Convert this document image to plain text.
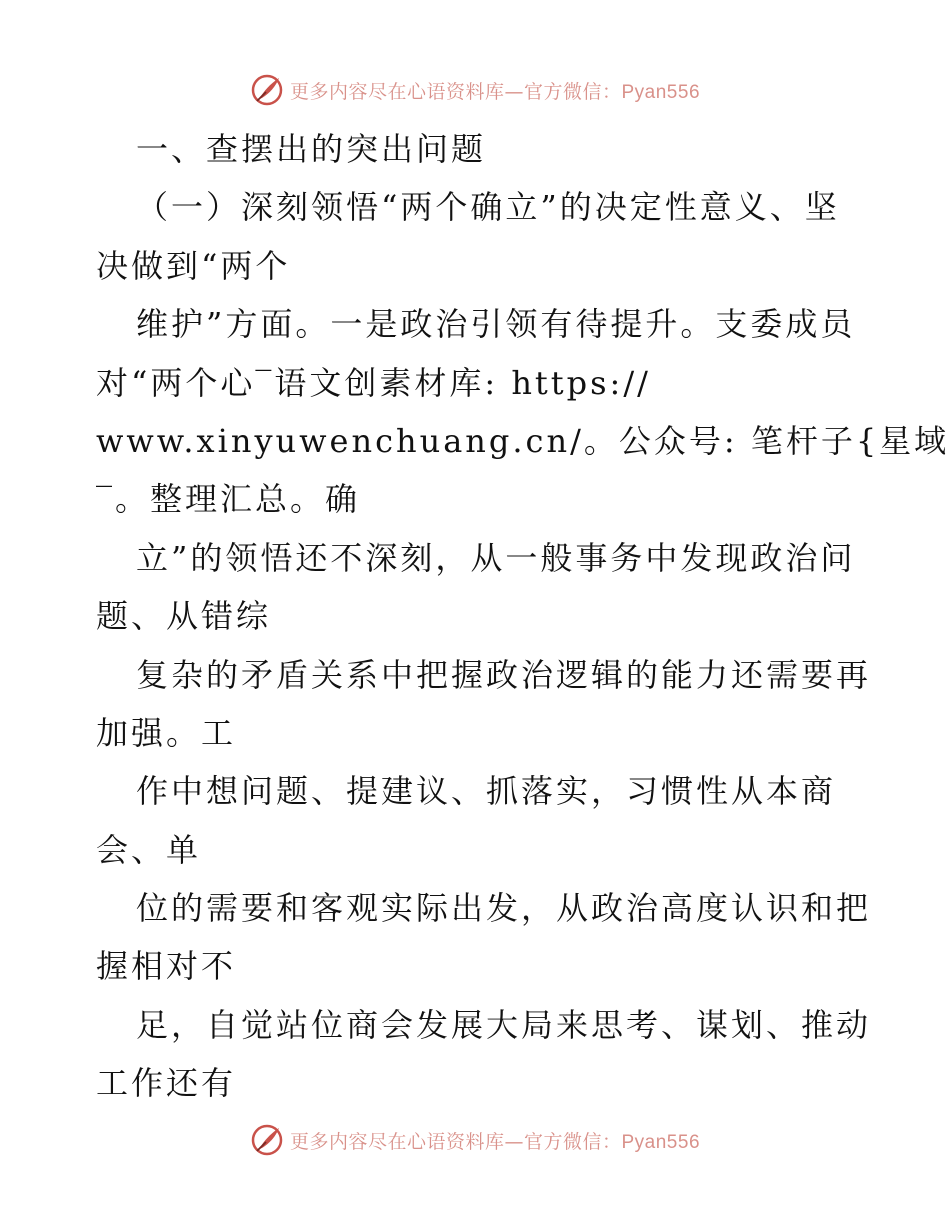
更多内容尽在心语资料库—官方微信：Pyan556
一、查摆出的突出问题
（一）深刻领悟“两个确立”的决定性意义、坚
决做到“两个
维护”方面。一是政治引领有待提升。支委成员
对“两个心‾语文创素材库: https://
www.xinyuwenchuang.cn/。公众号: 笔杆子{星域
‾。整理汇总。确
立”的领悟还不深刻，从一般事务中发现政治问
题、从错综
复杂的矛盾关系中把握政治逻辑的能力还需要再
加强。工
作中想问题、提建议、抓落实，习惯性从本商
会、单
位的需要和客观实际出发，从政治高度认识和把
握相对不
足，自觉站位商会发展大局来思考、谋划、推动
工作还有
更多内容尽在心语资料库—官方微信：Pyan556
